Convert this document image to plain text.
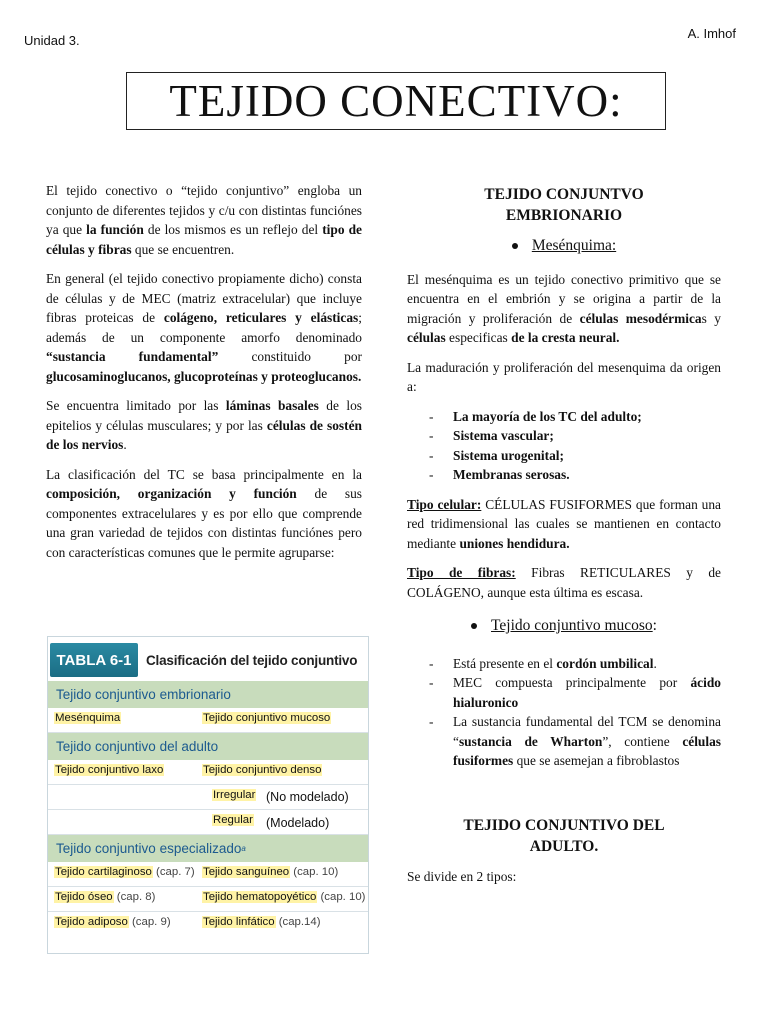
Unidad 3.	A. Imhof
TEJIDO CONECTIVO:

El tejido conectivo o “tejido conjuntivo” engloba un conjunto de diferentes tejidos y c/u con distintas funciónes ya que la función de los mismos es un reflejo del tipo de células y fibras que se encuentren.

En general (el tejido conectivo propiamente dicho) consta de células y de MEC (matriz extracelular) que incluye fibras proteicas de colágeno, reticulares y elásticas; además de un componente amorfo denominado “sustancia fundamental” constituido por glucosaminoglucanos, glucoproteínas y proteoglucanos.

Se encuentra limitado por las láminas basales de los epitelios y células musculares; y por las células de sostén de los nervios.

La clasificación del TC se basa principalmente en la composición, organización y función de sus componentes extracelulares y es por ello que comprende una gran variedad de tejidos con distintas funciónes pero con características comunes que le permite agruparse:

TABLA 6-1	Clasificación del tejido conjuntivo
Tejido conjuntivo embrionario
Mesénquima	Tejido conjuntivo mucoso
Tejido conjuntivo del adulto
Tejido conjuntivo laxo	Tejido conjuntivo denso
Irregular (No modelado)
Regular (Modelado)
Tejido conjuntivo especializado a
Tejido cartilaginoso (cap. 7) Tejido sanguíneo (cap. 10)
Tejido óseo (cap. 8)	Tejido hematopoyético (cap. 10)
Tejido adiposo (cap. 9)	Tejido linfático (cap.14)
TEJIDO CONJUNTVO
EMBRIONARIO
Mesénquima:

El mesénquima es un tejido conectivo primitivo que se encuentra en el embrión y se origina a partir de la migración y proliferación de células mesodérmicas y células especificas de la cresta neural.

La maduración y proliferación del mesenquima da origen a:

- La mayoría de los TC del adulto;
- Sistema vascular;
- Sistema urogenital;
- Membranas serosas.

Tipo celular: CÉLULAS FUSIFORMES que forman una red tridimensional las cuales se mantienen en contacto mediante uniones hendidura.

Tipo de fibras: Fibras RETICULARES y de COLÁGENO, aunque esta última es escasa.

Tejido conjuntivo mucoso:
- Está presente en el cordón umbilical.
- MEC compuesta principalmente por ácido hialuronico
- La sustancia fundamental del TCM se denomina “sustancia de Wharton”, contiene células fusiformes que se asemejan a fibroblastos
TEJIDO CONJUNTIVO DEL
ADULTO.

Se divide en 2 tipos:
